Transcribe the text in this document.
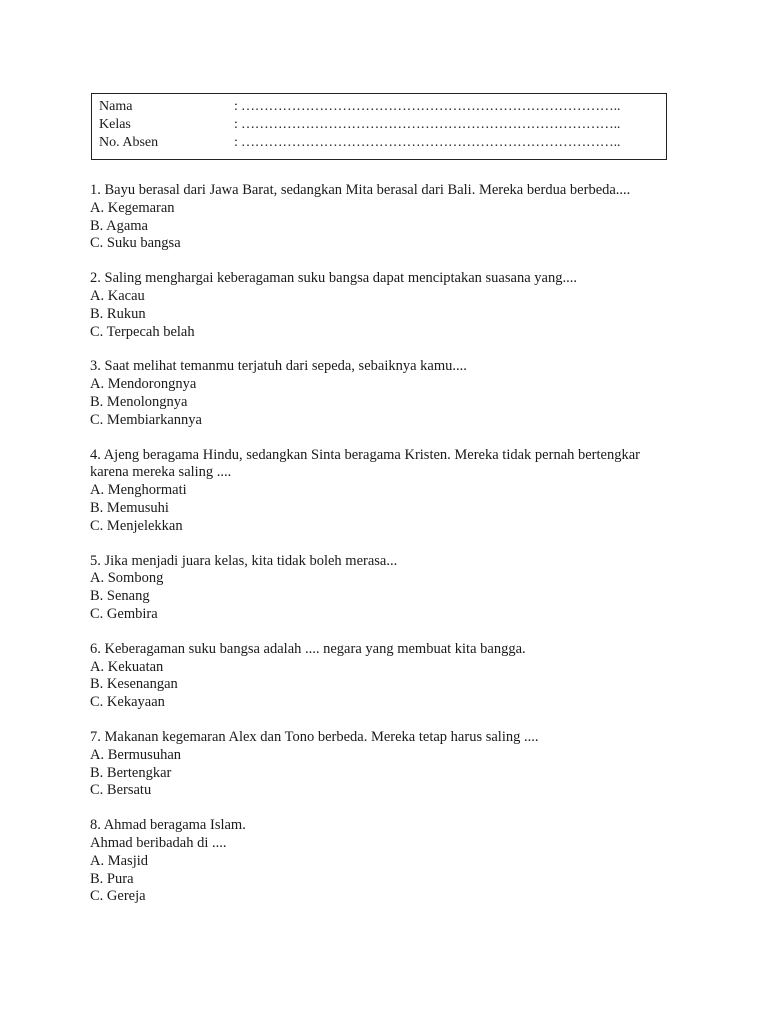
Nama	: ………………………………………………………………………..
Kelas	: ………………………………………………………………………..
No. Absen	: ………………………………………………………………………..
1. Bayu berasal dari Jawa Barat, sedangkan Mita berasal dari Bali. Mereka berdua berbeda....
A. Kegemaran
B. Agama
C. Suku bangsa
2. Saling menghargai keberagaman suku bangsa dapat menciptakan suasana yang....
A. Kacau
B. Rukun
C. Terpecah belah
3. Saat melihat temanmu terjatuh dari sepeda, sebaiknya kamu....
A. Mendorongnya
B. Menolongnya
C. Membiarkannya
4. Ajeng beragama Hindu, sedangkan Sinta beragama Kristen. Mereka tidak pernah bertengkar
karena mereka saling ....
A. Menghormati
B. Memusuhi
C. Menjelekkan
5. Jika menjadi juara kelas, kita tidak boleh merasa...
A. Sombong
B. Senang
C. Gembira
6. Keberagaman suku bangsa adalah .... negara yang membuat kita bangga.
A. Kekuatan
B. Kesenangan
C. Kekayaan
7. Makanan kegemaran Alex dan Tono berbeda. Mereka tetap harus saling ....
A. Bermusuhan
B. Bertengkar
C. Bersatu
8. Ahmad beragama Islam.
Ahmad beribadah di ....
A. Masjid
B. Pura
C. Gereja
